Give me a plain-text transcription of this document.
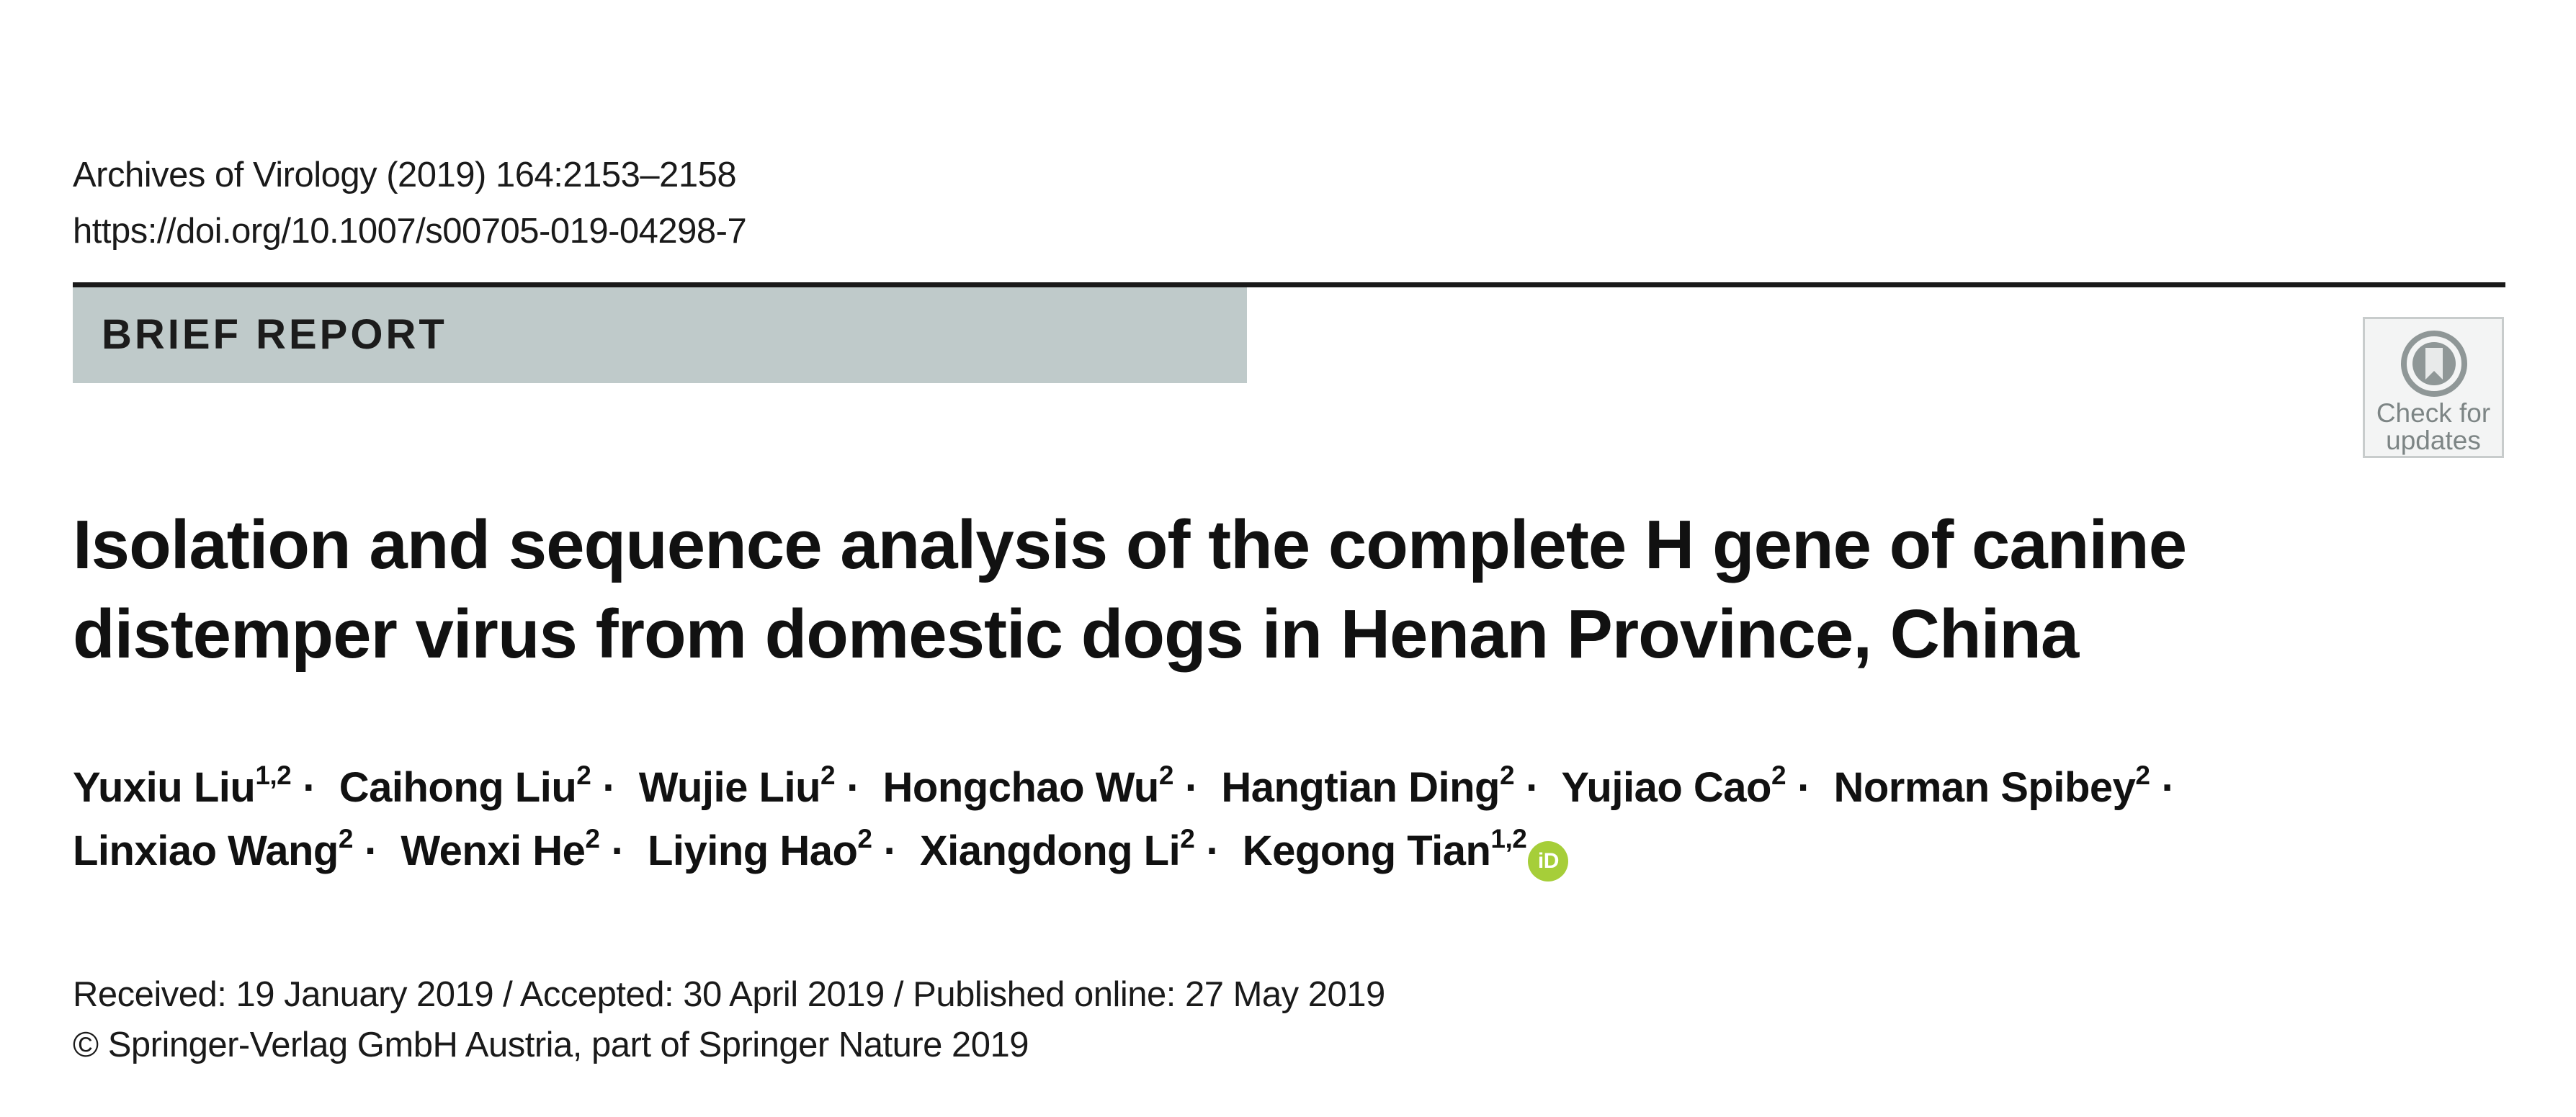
Archives of Virology (2019) 164:2153–2158
https://doi.org/10.1007/s00705-019-04298-7
BRIEF REPORT
Check for
updates
Isolation and sequence analysis of the complete H gene of canine
distemper virus from domestic dogs in Henan Province, China
Yuxiu Liu$^{1,2}$ · Caihong Liu$^2$ · Wujie Liu$^2$ · Hongchao $Wu^2$ · Hangtian Ding$^2$ · Yujiao Cao$^2$ · Norman Spibey$^2$ ·
Linxiao Wang$^2$ · Wenxi $He^2$ · Liying Hao$^2$ · Xiangdong $Li^2$ · Kegong Tian$^{1,2}$iD
Received: 19 January 2019 / Accepted: 30 April 2019 / Published online: 27 May 2019
© Springer-Verlag GmbH Austria, part of Springer Nature 2019
